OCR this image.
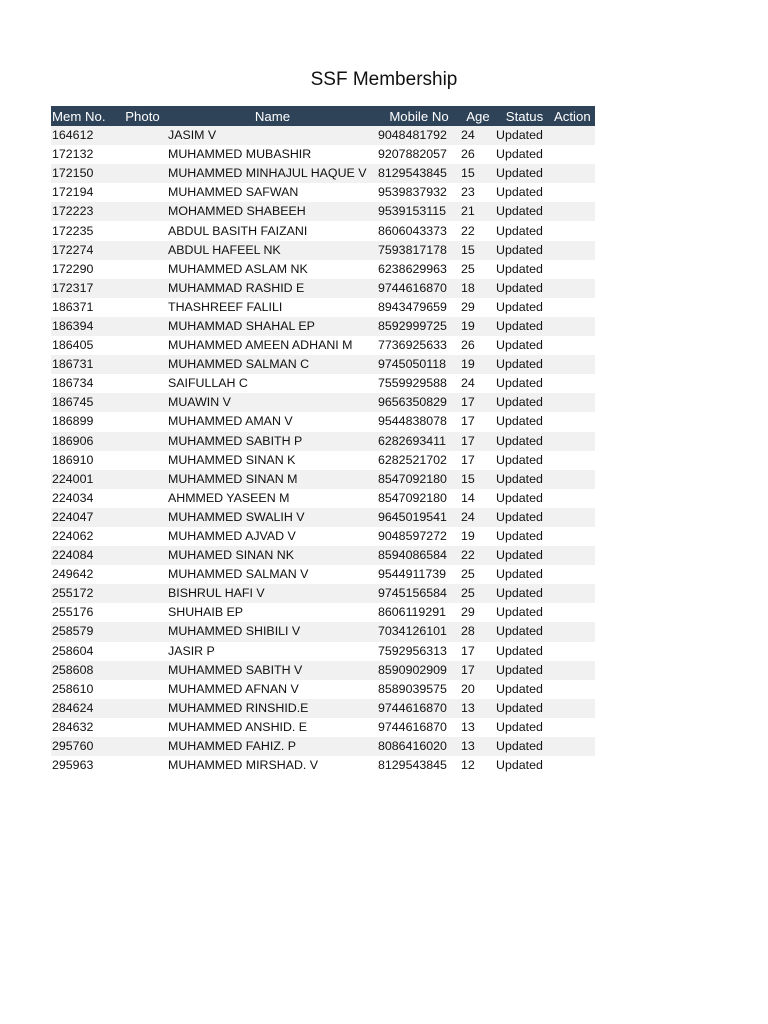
SSF Membership
Mem No.	Photo	Name	Mobile No	Age	Status	Action
164612		JASIM V	9048481792	24	Updated	
172132		MUHAMMED MUBASHIR	9207882057	26	Updated	
172150		MUHAMMED MINHAJUL HAQUE V	8129543845	15	Updated	
172194		MUHAMMED SAFWAN	9539837932	23	Updated	
172223		MOHAMMED SHABEEH	9539153115	21	Updated	
172235		ABDUL BASITH FAIZANI	8606043373	22	Updated	
172274		ABDUL HAFEEL NK	7593817178	15	Updated	
172290		MUHAMMED ASLAM NK	6238629963	25	Updated	
172317		MUHAMMAD RASHID E	9744616870	18	Updated	
186371		THASHREEF FALILI	8943479659	29	Updated	
186394		MUHAMMAD SHAHAL EP	8592999725	19	Updated	
186405		MUHAMMED AMEEN ADHANI M	7736925633	26	Updated	
186731		MUHAMMED SALMAN C	9745050118	19	Updated	
186734		SAIFULLAH C	7559929588	24	Updated	
186745		MUAWIN V	9656350829	17	Updated	
186899		MUHAMMED AMAN V	9544838078	17	Updated	
186906		MUHAMMED SABITH P	6282693411	17	Updated	
186910		MUHAMMED SINAN K	6282521702	17	Updated	
224001		MUHAMMED SINAN M	8547092180	15	Updated	
224034		AHMMED YASEEN M	8547092180	14	Updated	
224047		MUHAMMED SWALIH V	9645019541	24	Updated	
224062		MUHAMMED AJVAD V	9048597272	19	Updated	
224084		MUHAMED SINAN NK	8594086584	22	Updated	
249642		MUHAMMED SALMAN V	9544911739	25	Updated	
255172		BISHRUL HAFI V	9745156584	25	Updated	
255176		SHUHAIB EP	8606119291	29	Updated	
258579		MUHAMMED SHIBILI V	7034126101	28	Updated	
258604		JASIR P	7592956313	17	Updated	
258608		MUHAMMED SABITH V	8590902909	17	Updated	
258610		MUHAMMED AFNAN V	8589039575	20	Updated	
284624		MUHAMMED RINSHID.E	9744616870	13	Updated	
284632		MUHAMMED ANSHID. E	9744616870	13	Updated	
295760		MUHAMMED FAHIZ. P	8086416020	13	Updated	
295963		MUHAMMED MIRSHAD. V	8129543845	12	Updated	
